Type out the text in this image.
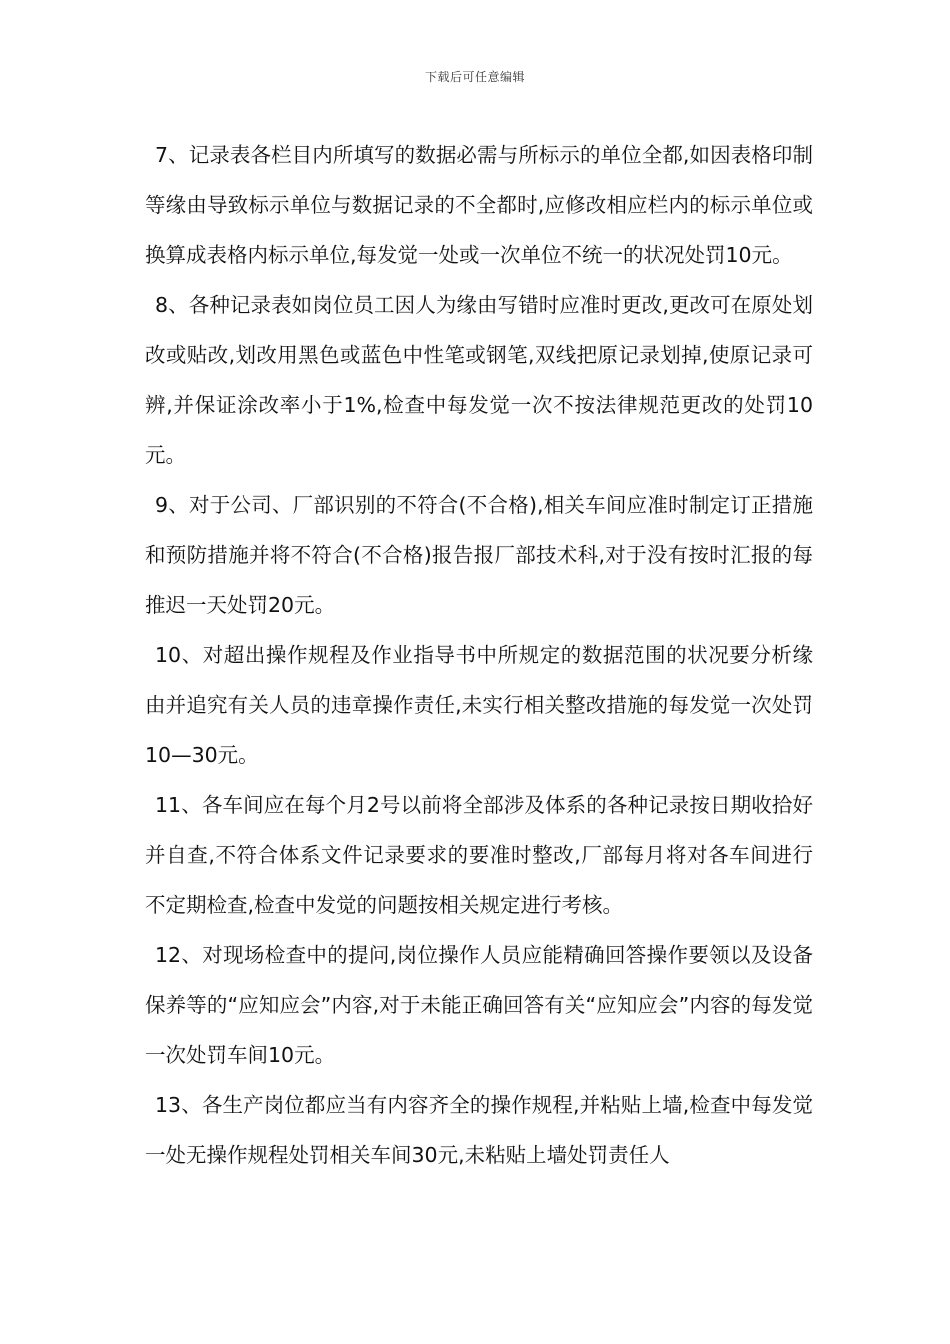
下载后可任意编辑

7、记录表各栏目内所填写的数据必需与所标示的单位全都,如因表格印制等缘由导致标示单位与数据记录的不全都时,应修改相应栏内的标示单位或换算成表格内标示单位,每发觉一处或一次单位不统一的状况处罚10元。

8、各种记录表如岗位员工因人为缘由写错时应准时更改,更改可在原处划改或贴改,划改用黑色或蓝色中性笔或钢笔,双线把原记录划掉,使原记录可辨,并保证涂改率小于1%,检查中每发觉一次不按法律规范更改的处罚10元。

9、对于公司、厂部识别的不符合(不合格),相关车间应准时制定订正措施和预防措施并将不符合(不合格)报告报厂部技术科,对于没有按时汇报的每推迟一天处罚20元。

10、对超出操作规程及作业指导书中所规定的数据范围的状况要分析缘由并追究有关人员的违章操作责任,未实行相关整改措施的每发觉一次处罚10—30元。

11、各车间应在每个月2号以前将全部涉及体系的各种记录按日期收拾好并自查,不符合体系文件记录要求的要准时整改,厂部每月将对各车间进行不定期检查,检查中发觉的问题按相关规定进行考核。

12、对现场检查中的提问,岗位操作人员应能精确回答操作要领以及设备保养等的“应知应会”内容,对于未能正确回答有关“应知应会”内容的每发觉一次处罚车间10元。

13、各生产岗位都应当有内容齐全的操作规程,并粘贴上墙,检查中每发觉一处无操作规程处罚相关车间30元,未粘贴上墙处罚责任人
